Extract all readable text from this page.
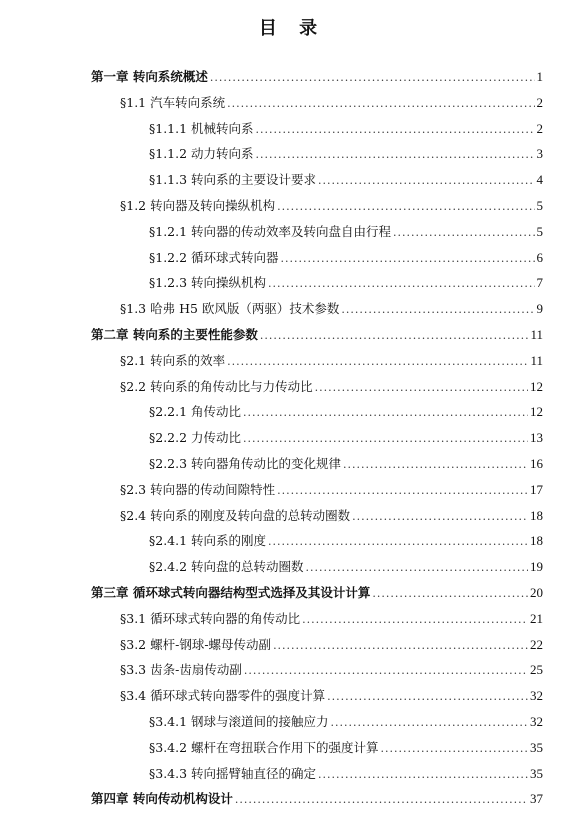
目 录
第一章 转向系统概述 .....	1
§1.1 汽车转向系统 .....	2
§1.1.1 机械转向系 .....	2
§1.1.2 动力转向系 .....	3
§1.1.3 转向系的主要设计要求 .....	4
§1.2 转向器及转向操纵机构 .....	5
§1.2.1 转向器的传动效率及转向盘自由行程 .....	5
§1.2.2 循环球式转向器 .....	6
§1.2.3 转向操纵机构 .....	7
§1.3 哈弗 H5 欧风版（两驱）技术参数 .....	9
第二章 转向系的主要性能参数 .....	11
§2.1 转向系的效率 .....	11
§2.2 转向系的角传动比与力传动比 .....	12
§2.2.1 角传动比 .....	12
§2.2.2 力传动比 .....	13
§2.2.3 转向器角传动比的变化规律 .....	16
§2.3 转向器的传动间隙特性 .....	17
§2.4 转向系的刚度及转向盘的总转动圈数 .....	18
§2.4.1 转向系的刚度 .....	18
§2.4.2 转向盘的总转动圈数 .....	19
第三章 循环球式转向器结构型式选择及其设计计算 .....	20
§3.1 循环球式转向器的角传动比 .....	21
§3.2 螺杆-钢球-螺母传动副 .....	22
§3.3 齿条-齿扇传动副 .....	25
§3.4 循环球式转向器零件的强度计算 .....	32
§3.4.1 钢球与滚道间的接触应力 .....	32
§3.4.2 螺杆在弯扭联合作用下的强度计算 .....	35
§3.4.3 转向摇臂轴直径的确定 .....	35
第四章 转向传动机构设计 .....	37
